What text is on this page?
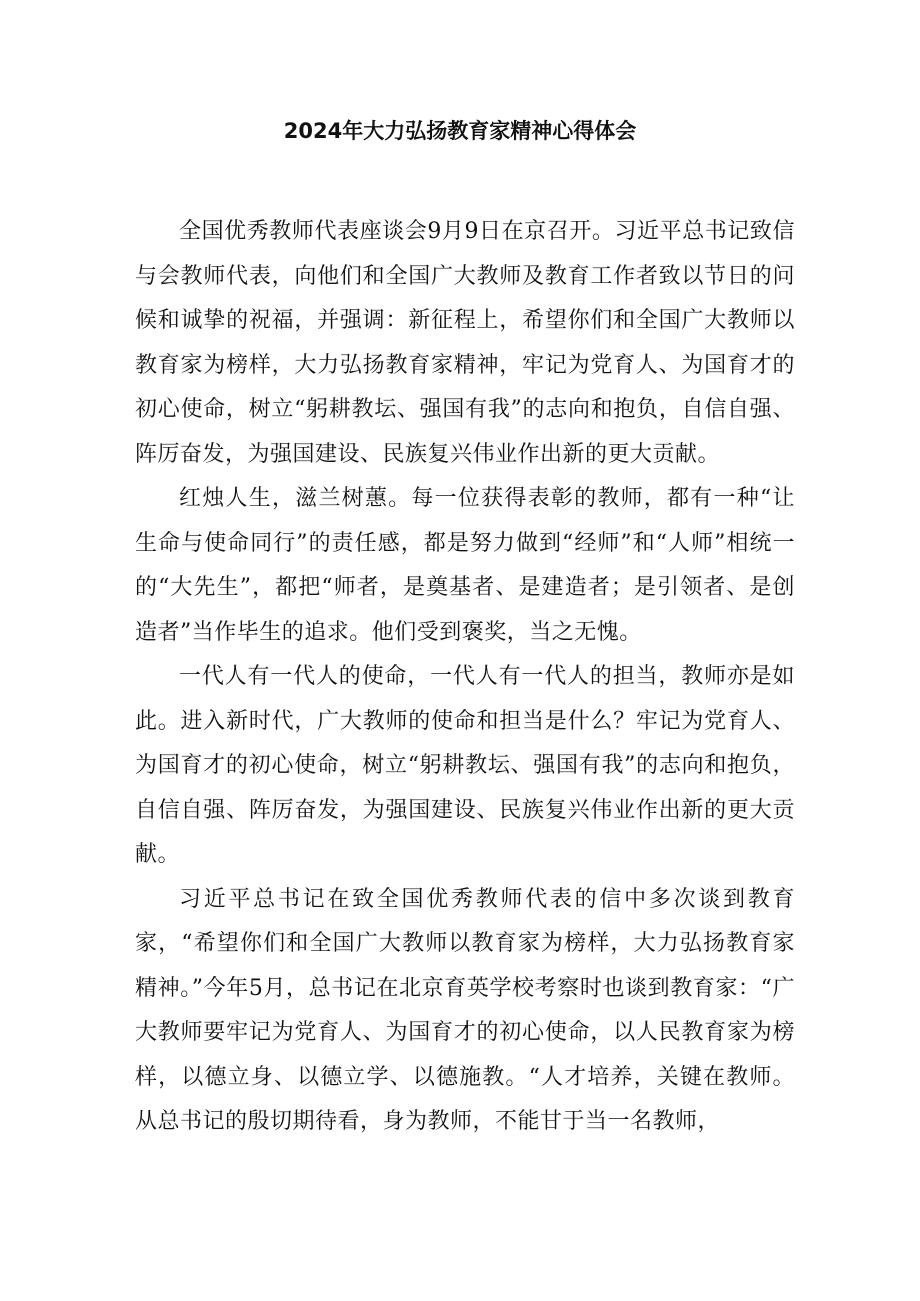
2024年大力弘扬教育家精神心得体会

全国优秀教师代表座谈会9月9日在京召开。习近平总书记致信与会教师代表，向他们和全国广大教师及教育工作者致以节日的问候和诚挚的祝福，并强调：新征程上，希望你们和全国广大教师以教育家为榜样，大力弘扬教育家精神，牢记为党育人、为国育才的初心使命，树立“躬耕教坛、强国有我”的志向和抱负，自信自强、阵厉奋发，为强国建设、民族复兴伟业作出新的更大贡献。

红烛人生，滋兰树蕙。每一位获得表彰的教师，都有一种“让生命与使命同行”的责任感，都是努力做到“经师”和“人师”相统一的“大先生”，都把“师者，是奠基者、是建造者；是引领者、是创造者”当作毕生的追求。他们受到褒奖，当之无愧。

一代人有一代人的使命，一代人有一代人的担当，教师亦是如此。进入新时代，广大教师的使命和担当是什么？牢记为党育人、为国育才的初心使命，树立“躬耕教坛、强国有我”的志向和抱负，自信自强、阵厉奋发，为强国建设、民族复兴伟业作出新的更大贡献。

习近平总书记在致全国优秀教师代表的信中多次谈到教育家，“希望你们和全国广大教师以教育家为榜样，大力弘扬教育家精神。”今年5月，总书记在北京育英学校考察时也谈到教育家：“广大教师要牢记为党育人、为国育才的初心使命，以人民教育家为榜样，以德立身、以德立学、以德施教。“人才培养，关键在教师。从总书记的殷切期待看，身为教师，不能甘于当一名教师，
